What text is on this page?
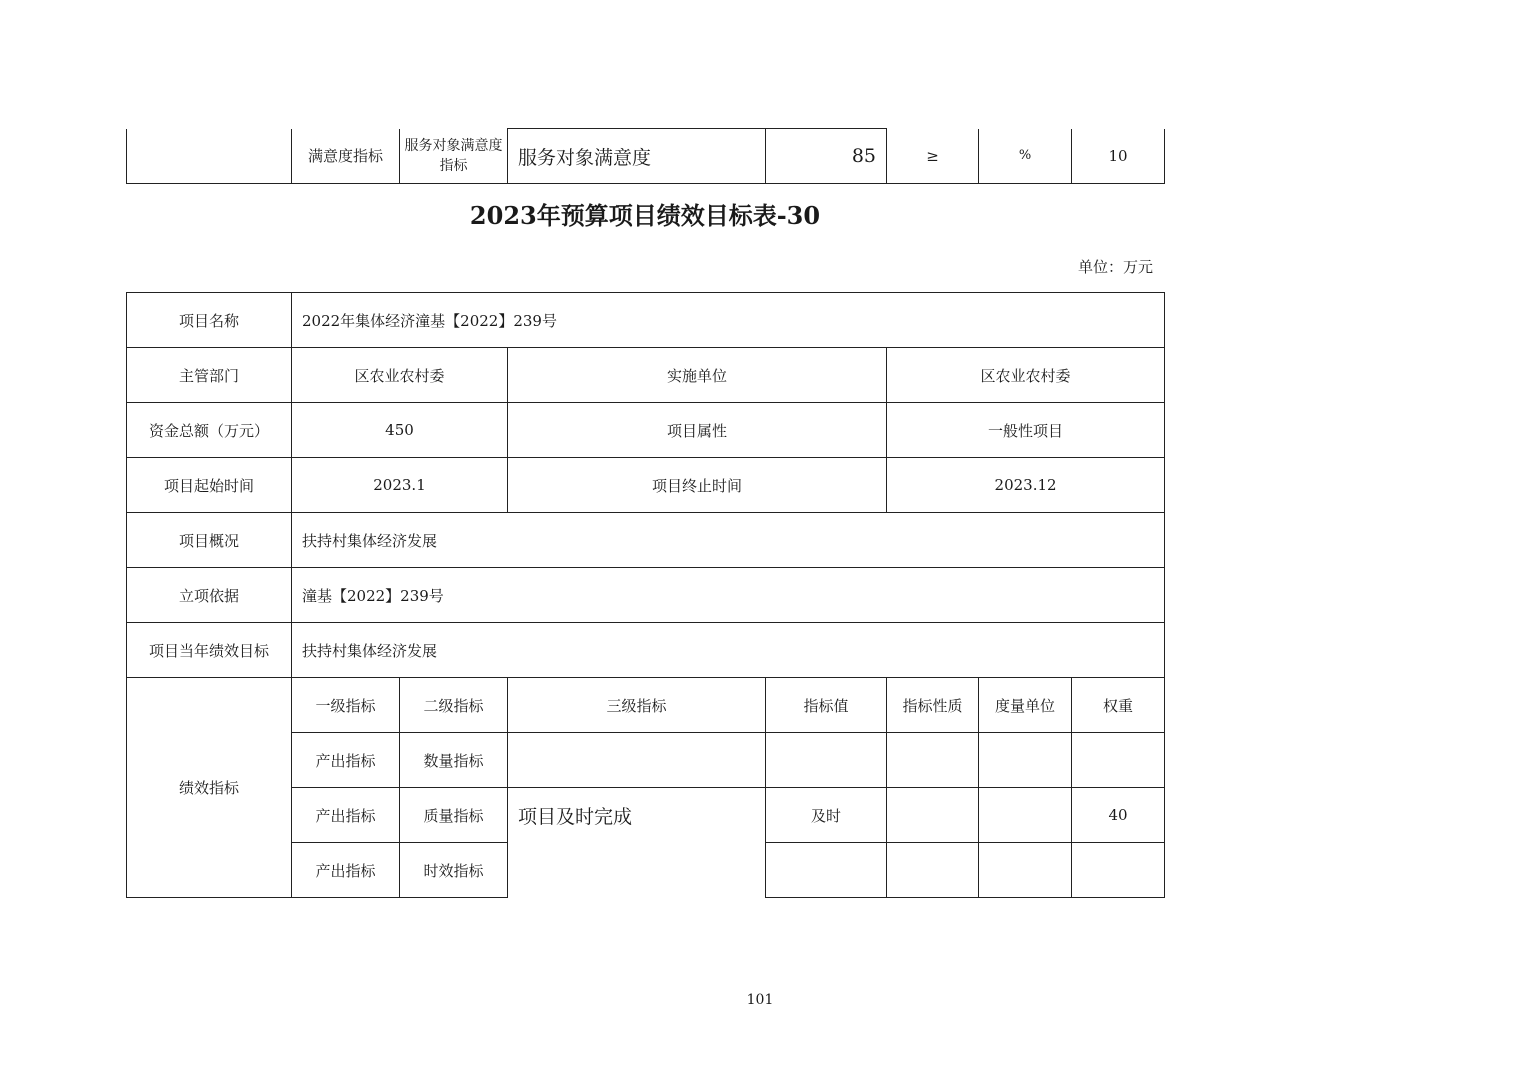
	满意度指标	服务对象满意度指标	服务对象满意度	85	≥	%	10
2023年预算项目绩效目标表-30
单位：万元
项目名称	2022年集体经济潼基【2022】239号						
主管部门	区农业农村委		实施单位		区农业农村委		
资金总额（万元）	450		项目属性		一般性项目		
项目起始时间	2023.1		项目终止时间		2023.12		
项目概况	扶持村集体经济发展						
立项依据	潼基【2022】239号						
项目当年绩效目标	扶持村集体经济发展						
绩效指标	一级指标	二级指标	三级指标	指标值	指标性质	度量单位	权重
	产出指标	数量指标					
	产出指标	质量指标	项目及时完成	及时			40
	产出指标	时效指标					
101
